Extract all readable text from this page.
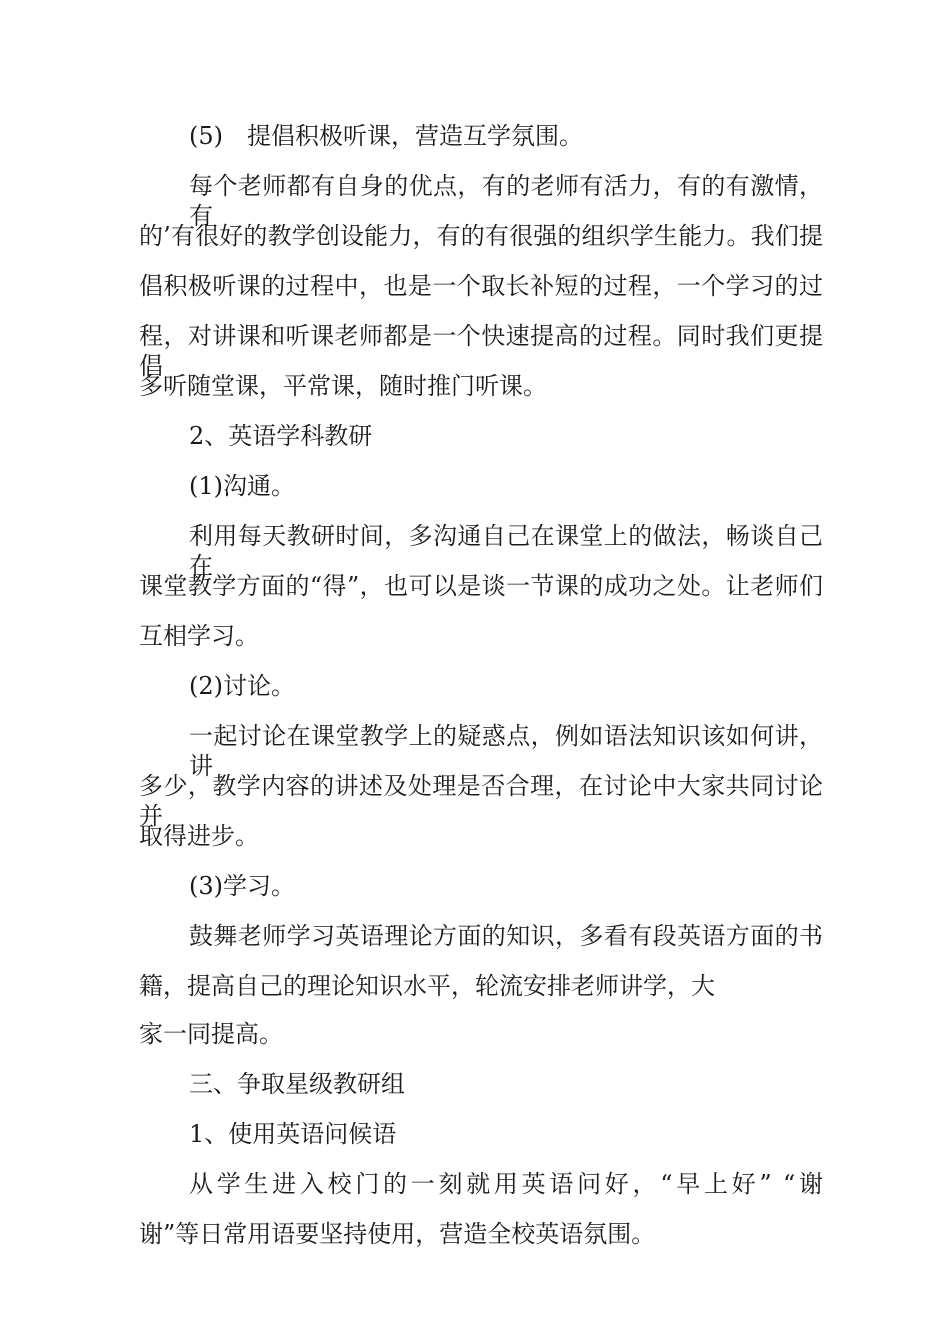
(5) 提倡积极听课，营造互学氛围。
每个老师都有自身的优点，有的老师有活力，有的有激情，有
的’有很好的教学创设能力，有的有很强的组织学生能力。我们提
倡积极听课的过程中，也是一个取长补短的过程，一个学习的过
程，对讲课和听课老师都是一个快速提高的过程。同时我们更提倡
多听随堂课，平常课，随时推门听课。
2、英语学科教研
(1)沟通。
利用每天教研时间，多沟通自己在课堂上的做法，畅谈自己在
课堂教学方面的“得”，也可以是谈一节课的成功之处。让老师们
互相学习。
(2)讨论。
一起讨论在课堂教学上的疑惑点，例如语法知识该如何讲，讲
多少，教学内容的讲述及处理是否合理，在讨论中大家共同讨论并
取得进步。
(3)学习。
鼓舞老师学习英语理论方面的知识，多看有段英语方面的书
籍，提高自己的理论知识水平，轮流安排老师讲学，大
家一同提高。
三、争取星级教研组
1、使用英语问候语
从学生进入校门的一刻就用英语问好，“早上好” “谢
谢”等日常用语要坚持使用，营造全校英语氛围。
